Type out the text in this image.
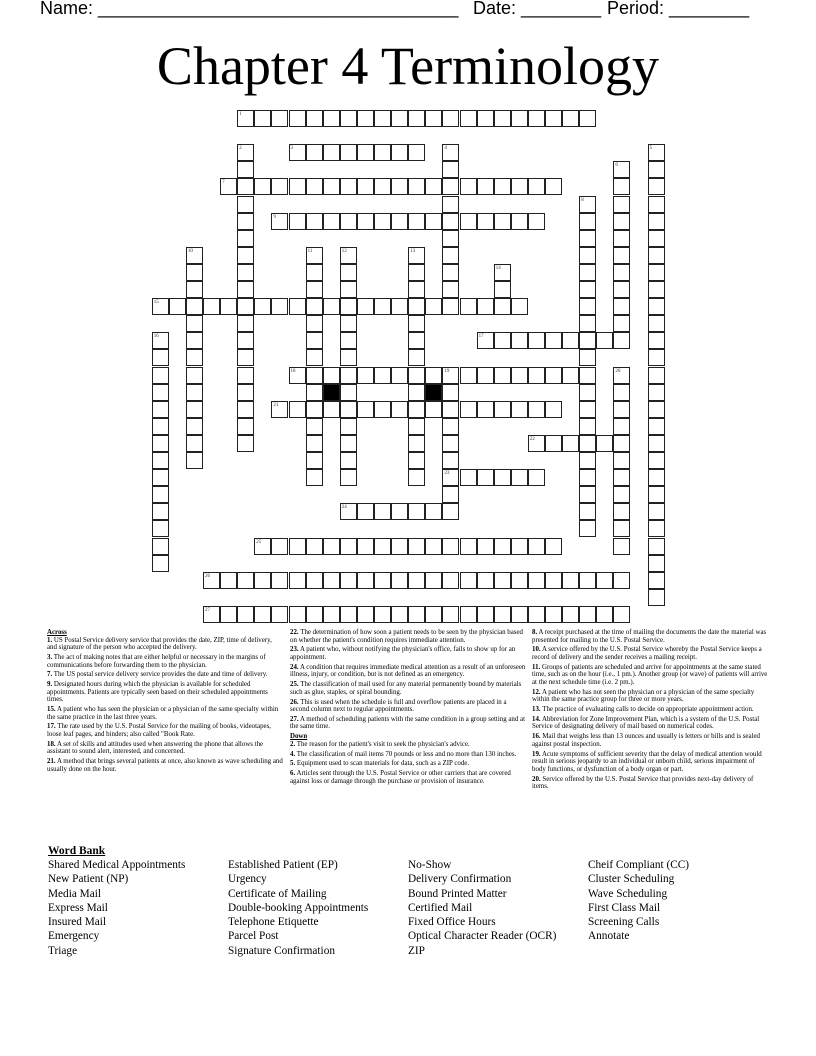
Name: ____________________________________

Date: ________

Period: ________

Chapter 4 Terminology
1
3
7
9
15
17
18	19
21
22
23
24
25
26
27
2	4	5
6
8
10	11	12	13
14
16
20
Across
1. US Postal Service delivery service that provides the date, ZIP, time of delivery, and signature of the person who accepted the delivery.
3. The act of making notes that are either helpful or necessary in the margins of communications before forwarding them to the physician.
7. The US postal service delivery service provides the date and time of delivery.
9. Designated hours during which the physician is available for scheduled appointments. Patients are typically seen based on their scheduled appointments times.
15. A patient who has seen the physician or a physician of the same specialty within the same practice in the last three years.
17. The rate used by the U.S. Postal Service for the mailing of books, videotapes, loose leaf pages, and binders; also called "Book Rate.
18. A set of skills and attitudes used when answering the phone that allows the assistant to sound alert, interested, and concerned.
21. A method that brings several patients at once, also known as wave scheduling and usually done on the hour.
22. The determination of how soon a patient needs to be seen by the physician based on whether the patient's condition requires immediate attention.
23. A patient who, without notifying the physician's office, fails to show up for an appointment.
24. A condition that requires immediate medical attention as a result of an unforeseen illness, injury, or condition, but is not defined as an emergency.
25. The classification of mail used for any material permanently bound by materials such as glue, staples, or spiral bounding.
26. This is used when the schedule is full and overflow patients are placed in a second column next to regular appointments.
27. A method of scheduling patients with the same condition in a group setting and at the same time.
Down
2. The reason for the patient's visit to seek the physician's advice.
4. The classification of mail items 70 pounds or less and no more than 130 inches.
5. Equipment used to scan materials for data, such as a ZIP code.
6. Articles sent through the U.S. Postal Service or other carriers that are covered against loss or damage through the purchase or provision of insurance.
8. A receipt purchased at the time of mailing the documents the date the material was presented for mailing to the U.S. Postal Service.
10. A service offered by the U.S. Postal Service whereby the Postal Service keeps a record of delivery and the sender receives a mailing receipt.
11. Groups of patients are scheduled and arrive for appointments at the same stated time, such as on the hour (i.e., 1 pm.). Another group (or wave) of patients will arrive at the next schedule time (i.e. 2 pm.).
12. A patient who has not seen the physician or a physician of the same specialty within the same practice group for three or more years.
13. The practice of evaluating calls to decide on appropriate appointment action.
14. Abbreviation for Zone Improvement Plan, which is a system of the U.S. Postal Service of designating delivery of mail based on numerical codes.
16. Mail that weighs less than 13 ounces and usually is letters or bills and is sealed against postal inspection.
19. Acute symptoms of sufficient severity that the delay of medical attention would result in serious jeopardy to an individual or unborn child, serious impairment of body functions, or dysfunction of a body organ or part.
20. Service offered by the U.S. Postal Service that provides next-day delivery of items.
Word Bank
Shared Medical Appointments
New Patient (NP)
Media Mail
Express Mail
Insured Mail
Emergency
Triage
Established Patient (EP)
Urgency
Certificate of Mailing
Double-booking Appointments
Telephone Etiquette
Parcel Post
Signature Confirmation
No-Show
Delivery Confirmation
Bound Printed Matter
Certified Mail
Fixed Office Hours
Optical Character Reader (OCR)
ZIP
Cheif Compliant (CC)
Cluster Scheduling
Wave Scheduling
First Class Mail
Screening Calls
Annotate
